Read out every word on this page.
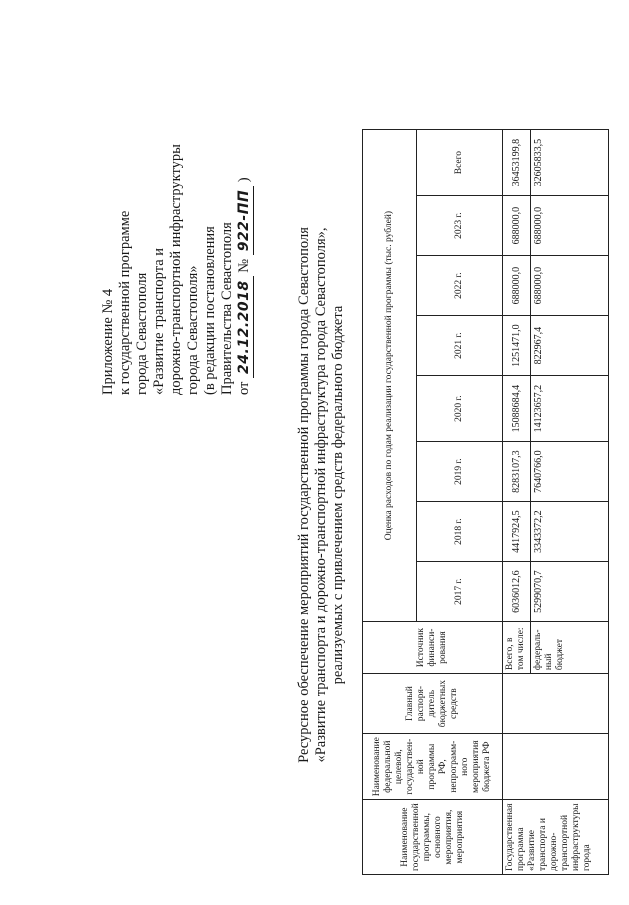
Приложение № 4 к государственной программе города Севастополя «Развитие транспорта и дорожно-транспортной инфраструктуры города Севастополя» (в редакции постановления Правительства Севастополя от 24.12.2018 № 922-ПП )
Ресурсное обеспечение мероприятий государственной программы города Севастополя «Развитие транспорта и дорожно-транспортной инфраструктура города Севастополя», реализуемых с привлечением средств федерального бюджета
Наименование государственной программы, основного мероприятия, мероприятия	Наименование федеральной целевой, государствен-ной программы РФ, непрограмм-ного мероприятия бюджета РФ	Главный распоря-дитель бюджетных средств	Источник финанси-рования	Оценка расходов по годам реализации государственной программы (тыс. рублей)							
				2017 г.	2018 г.	2019 г.	2020 г.	2021 г.	2022 г.	2023 г.	Всего
Государственная программа «Развитие транспорта и дорожно-транспортной инфраструктуры города			Всего, в том числе:	6036012,6	4417924,5	8283107,3	15088684,4	1251471,0	688000,0	688000,0	36453199,8
			федераль-ный бюджет	5299070,7	3343372,2	7640766,0	14123657,2	822967,4	688000,0	688000,0	32605833,5
